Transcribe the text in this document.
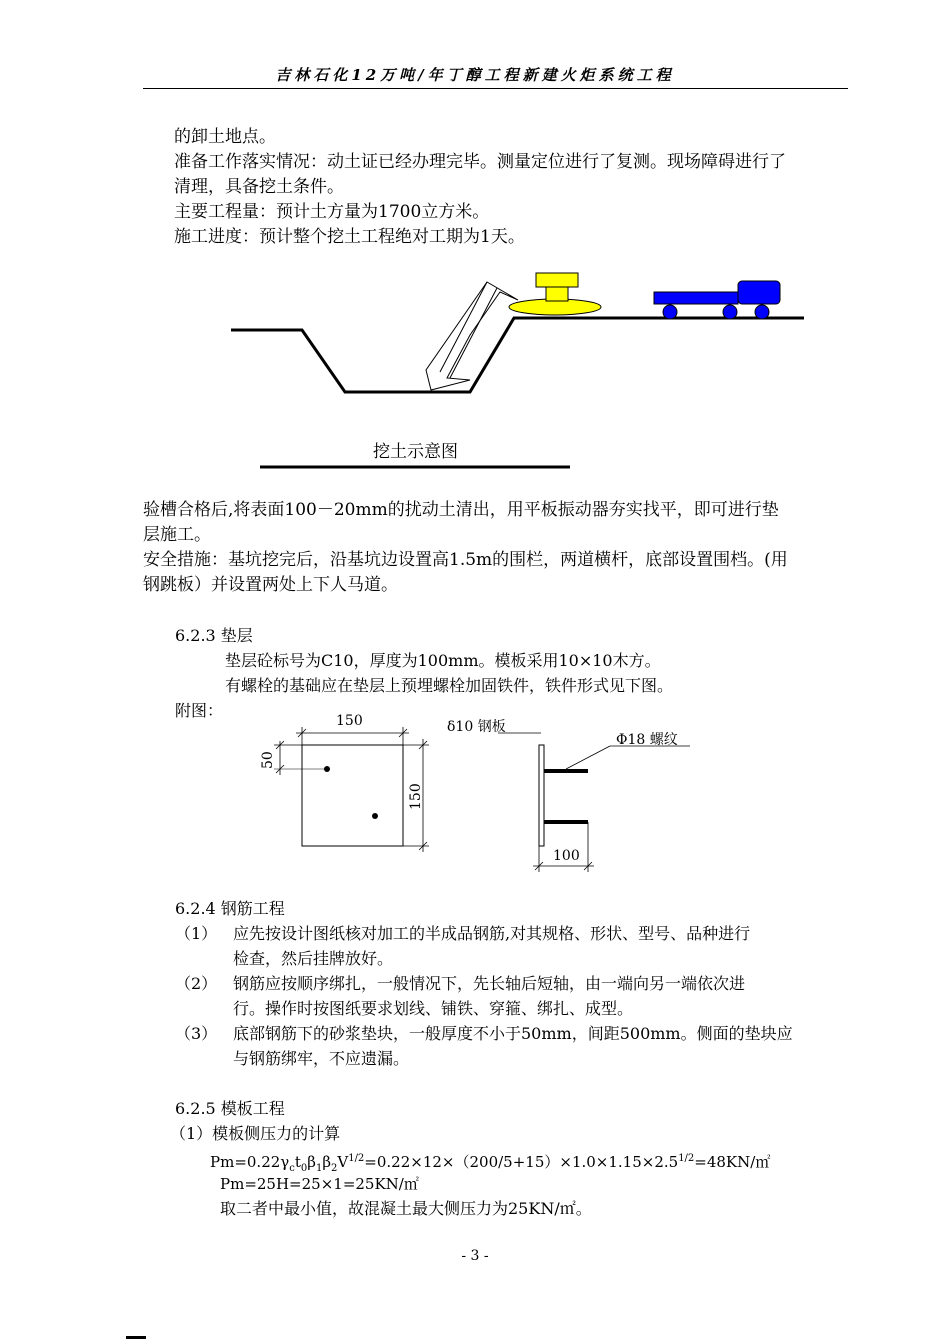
吉林石化12万吨/年丁醇工程新建火炬系统工程
的卸土地点。
准备工作落实情况：动土证已经办理完毕。测量定位进行了复测。现场障碍进行了
清理，具备挖土条件。
主要工程量：预计土方量为1700立方米。
施工进度：预计整个挖土工程绝对工期为1天。
挖土示意图
验槽合格后,将表面100－20mm的扰动土清出，用平板振动器夯实找平，即可进行垫
层施工。
安全措施：基坑挖完后，沿基坑边设置高1.5m的围栏，两道横杆，底部设置围档。(用
钢跳板）并设置两处上下人马道。
6.2.3 垫层
垫层砼标号为C10，厚度为100mm。模板采用10×10木方。
有螺栓的基础应在垫层上预埋螺栓加固铁件，铁件形式见下图。
附图：
150
50
150
δ10 钢板
Φ18 螺纹
100
6.2.4 钢筋工程
（1） 应先按设计图纸核对加工的半成品钢筋,对其规格、形状、型号、品种进行
检查，然后挂牌放好。
（2） 钢筋应按顺序绑扎，一般情况下，先长轴后短轴，由一端向另一端依次进
行。操作时按图纸要求划线、铺铁、穿箍、绑扎、成型。
（3） 底部钢筋下的砂浆垫块，一般厚度不小于50mm，间距500mm。侧面的垫块应
与钢筋绑牢，不应遗漏。
6.2.5 模板工程
（1）模板侧压力的计算
$Pm=0.22\gamma_ct_0\beta_1\beta_2V^{1/2}=0.22\times 12\times(200/5+15)\times 1.0\times 1.15\times 2.5^{1/2}=48KN/㎡$
Pm=25H=25×1=25KN/㎡
取二者中最小值，故混凝土最大侧压力为25KN/㎡。
- 3 -
